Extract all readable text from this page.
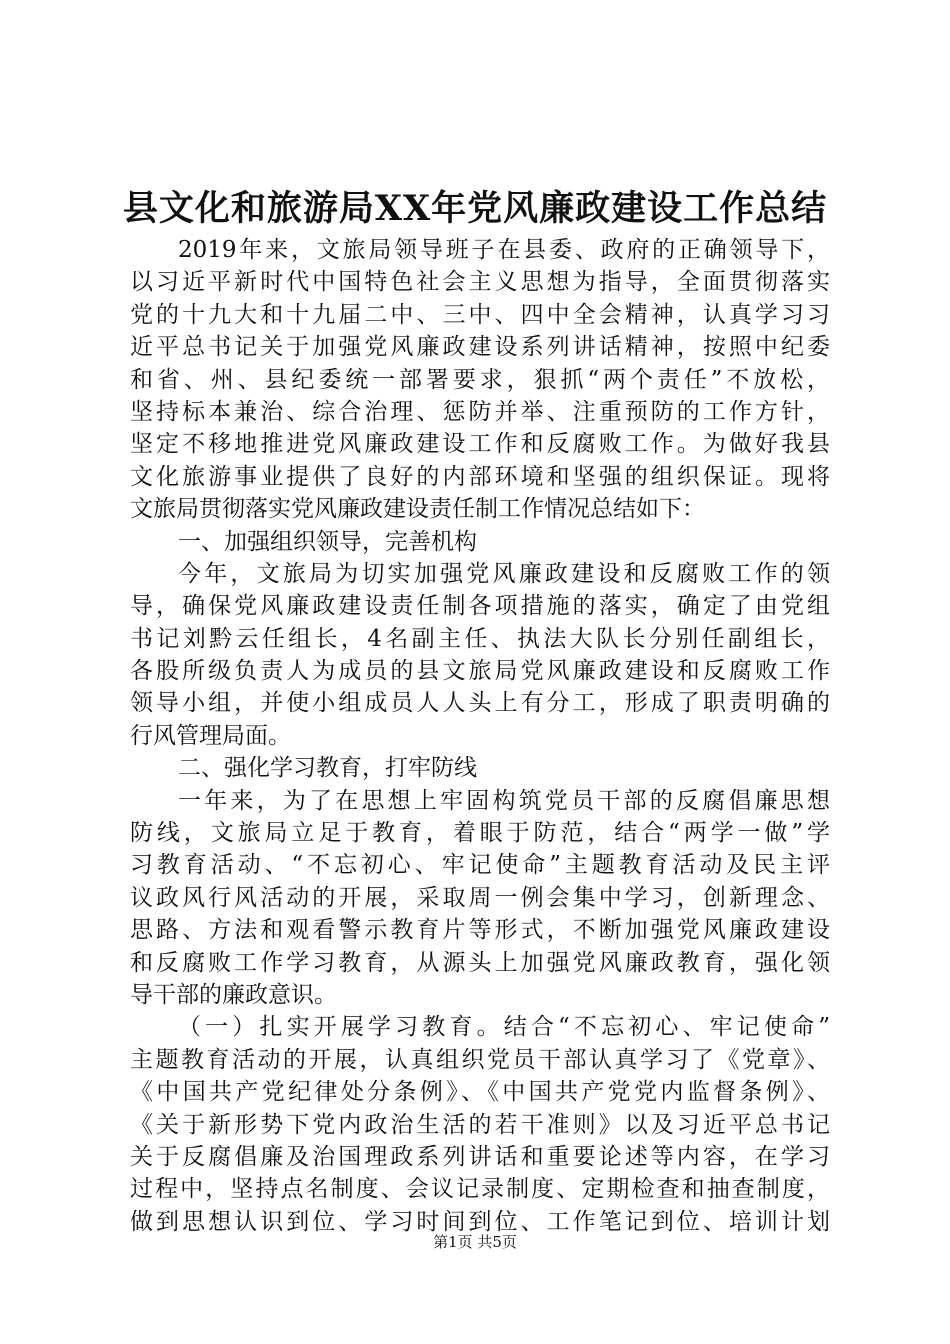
县文化和旅游局XX年党风廉政建设工作总结
2019年来，文旅局领导班子在县委、政府的正确领导下，
以习近平新时代中国特色社会主义思想为指导，全面贯彻落实
党的十九大和十九届二中、三中、四中全会精神，认真学习习
近平总书记关于加强党风廉政建设系列讲话精神，按照中纪委
和省、州、县纪委统一部署要求，狠抓“两个责任”不放松，
坚持标本兼治、综合治理、惩防并举、注重预防的工作方针，
坚定不移地推进党风廉政建设工作和反腐败工作。为做好我县
文化旅游事业提供了良好的内部环境和坚强的组织保证。现将
文旅局贯彻落实党风廉政建设责任制工作情况总结如下：
一、加强组织领导，完善机构
今年，文旅局为切实加强党风廉政建设和反腐败工作的领
导，确保党风廉政建设责任制各项措施的落实，确定了由党组
书记刘黔云任组长，4名副主任、执法大队长分别任副组长，
各股所级负责人为成员的县文旅局党风廉政建设和反腐败工作
领导小组，并使小组成员人人头上有分工，形成了职责明确的
行风管理局面。
二、强化学习教育，打牢防线
一年来，为了在思想上牢固构筑党员干部的反腐倡廉思想
防线，文旅局立足于教育，着眼于防范，结合“两学一做”学
习教育活动、“不忘初心、牢记使命”主题教育活动及民主评
议政风行风活动的开展，采取周一例会集中学习，创新理念、
思路、方法和观看警示教育片等形式，不断加强党风廉政建设
和反腐败工作学习教育，从源头上加强党风廉政教育，强化领
导干部的廉政意识。
（一）扎实开展学习教育。结合“不忘初心、牢记使命”
主题教育活动的开展，认真组织党员干部认真学习了《党章》、
《中国共产党纪律处分条例》、《中国共产党党内监督条例》、
《关于新形势下党内政治生活的若干准则》以及习近平总书记
关于反腐倡廉及治国理政系列讲话和重要论述等内容，在学习
过程中，坚持点名制度、会议记录制度、定期检查和抽查制度，
做到思想认识到位、学习时间到位、工作笔记到位、培训计划
第1页 共5页
